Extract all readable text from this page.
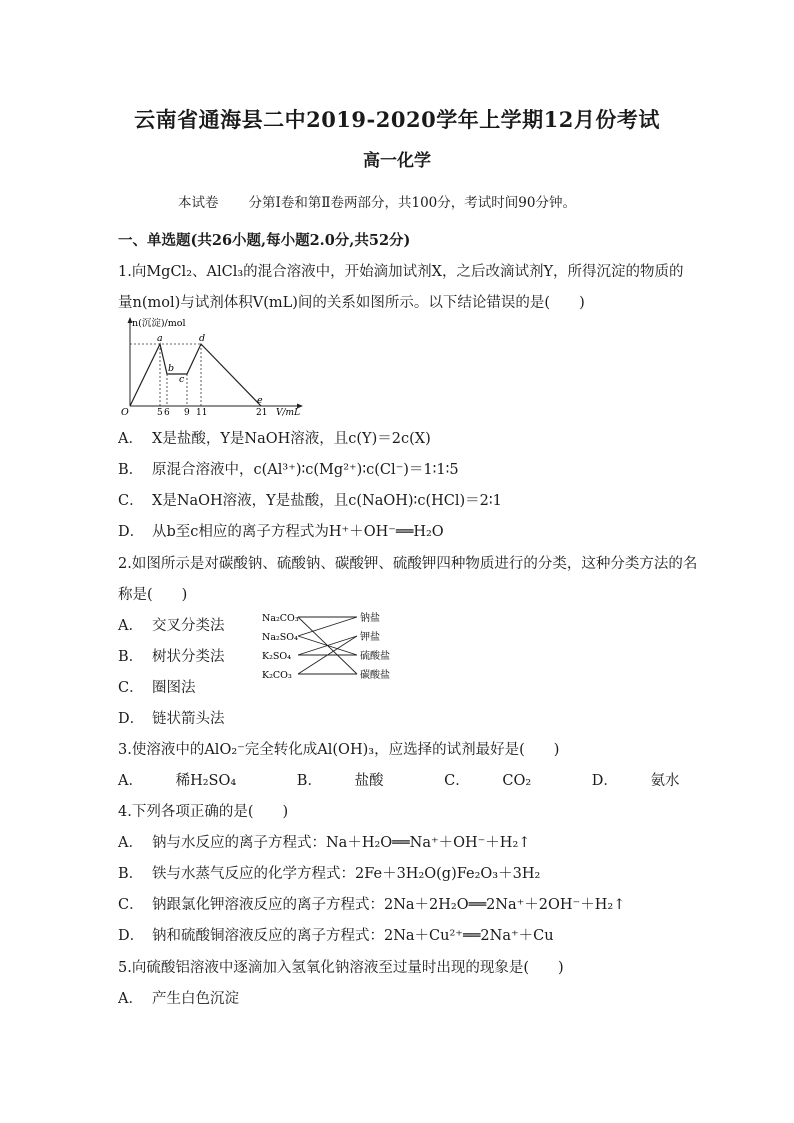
云南省通海县二中2019-2020学年上学期12月份考试
高一化学
本试卷 分第Ⅰ卷和第Ⅱ卷两部分，共100分，考试时间90分钟。
一、单选题(共26小题,每小题2.0分,共52分)
1.向MgCl₂、AlCl₃的混合溶液中，开始滴加试剂X，之后改滴试剂Y，所得沉淀的物质的
量n(mol)与试剂体积V(mL)间的关系如图所示。以下结论错误的是(　　)
n(沉淀)/mol
V/mL
O
a
b
c
d
e
5 6 9 11	21
A． X是盐酸，Y是NaOH溶液，且c(Y)＝2c(X)
B． 原混合溶液中，c(Al³⁺)∶c(Mg²⁺)∶c(Cl⁻)＝1∶1∶5
C． X是NaOH溶液，Y是盐酸，且c(NaOH)∶c(HCl)＝2∶1
D． 从b至c相应的离子方程式为H⁺＋OH⁻══H₂O
2.如图所示是对碳酸钠、硫酸钠、碳酸钾、硫酸钾四种物质进行的分类，这种分类方法的名
称是(　　)
A． 交叉分类法
B． 树状分类法
C． 圈图法
D． 链状箭头法
Na₂CO₃
Na₂SO₄
K₂SO₄
K₂CO₃
钠盐
钾盐
硫酸盐
碳酸盐
3.使溶液中的AlO₂⁻完全转化成Al(OH)₃，应选择的试剂最好是(　　)
A． 稀H₂SO₄	B． 盐酸	C． CO₂	D． 氨水
4.下列各项正确的是(　　)
A． 钠与水反应的离子方程式：Na＋H₂O══Na⁺＋OH⁻＋H₂↑
B． 铁与水蒸气反应的化学方程式：2Fe＋3H₂O(g)Fe₂O₃＋3H₂
C． 钠跟氯化钾溶液反应的离子方程式：2Na＋2H₂O══2Na⁺＋2OH⁻＋H₂↑
D． 钠和硫酸铜溶液反应的离子方程式：2Na＋Cu²⁺══2Na⁺＋Cu
5.向硫酸铝溶液中逐滴加入氢氧化钠溶液至过量时出现的现象是(　　)
A． 产生白色沉淀
